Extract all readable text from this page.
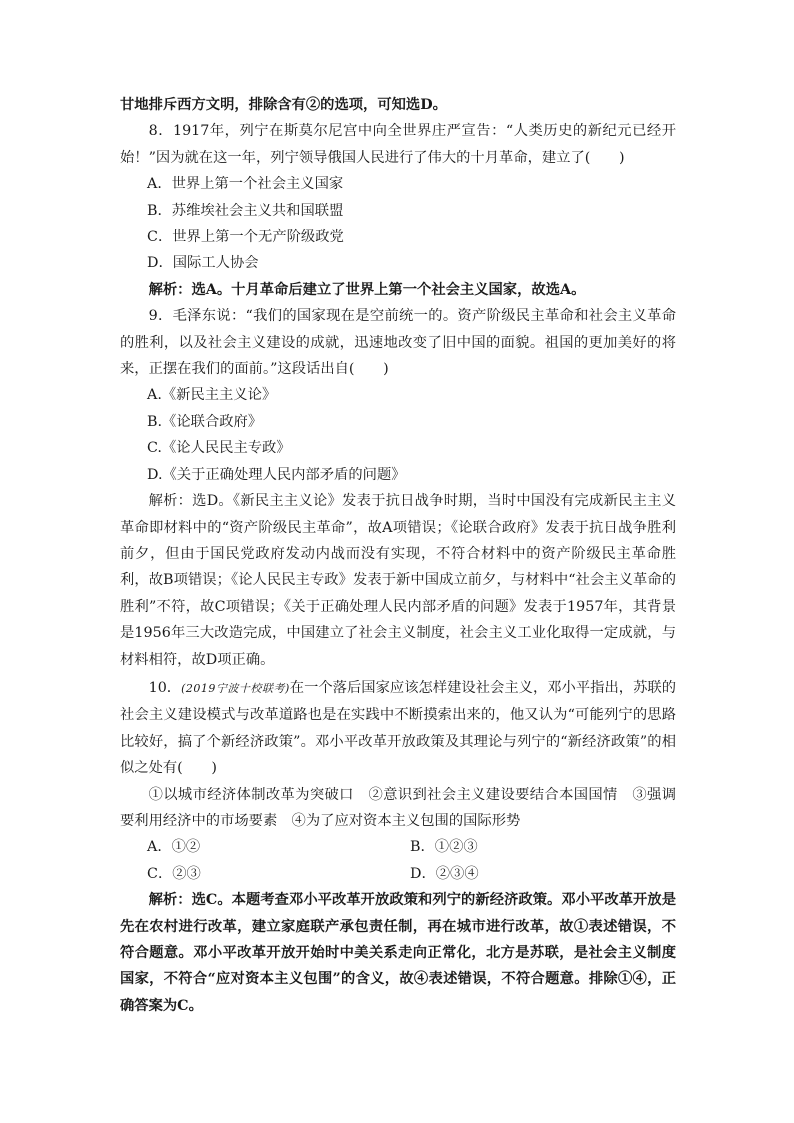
甘地排斥西方文明，排除含有②的选项，可知选D。

8．1917年，列宁在斯莫尔尼宫中向全世界庄严宣告：“人类历史的新纪元已经开始！”因为就在这一年，列宁领导俄国人民进行了伟大的十月革命，建立了(　　)

A．世界上第一个社会主义国家

B．苏维埃社会主义共和国联盟

C．世界上第一个无产阶级政党

D．国际工人协会

解析：选A。十月革命后建立了世界上第一个社会主义国家，故选A。

9．毛泽东说：“我们的国家现在是空前统一的。资产阶级民主革命和社会主义革命的胜利，以及社会主义建设的成就，迅速地改变了旧中国的面貌。祖国的更加美好的将来，正摆在我们的面前。”这段话出自(　　)

A.《新民主主义论》

B.《论联合政府》

C.《论人民民主专政》

D.《关于正确处理人民内部矛盾的问题》

解析：选D。《新民主主义论》发表于抗日战争时期，当时中国没有完成新民主主义革命即材料中的“资产阶级民主革命”，故A项错误；《论联合政府》发表于抗日战争胜利前夕，但由于国民党政府发动内战而没有实现，不符合材料中的资产阶级民主革命胜利，故B项错误；《论人民民主专政》发表于新中国成立前夕，与材料中“社会主义革命的胜利”不符，故C项错误；《关于正确处理人民内部矛盾的问题》发表于1957年，其背景是1956年三大改造完成，中国建立了社会主义制度，社会主义工业化取得一定成就，与材料相符，故D项正确。

10．(2019宁波十校联考)在一个落后国家应该怎样建设社会主义，邓小平指出，苏联的社会主义建设模式与改革道路也是在实践中不断摸索出来的，他又认为“可能列宁的思路比较好，搞了个新经济政策”。邓小平改革开放政策及其理论与列宁的“新经济政策”的相似之处有(　　)

①以城市经济体制改革为突破口　②意识到社会主义建设要结合本国国情　③强调要利用经济中的市场要素　④为了应对资本主义包围的国际形势

A．①②	B．①②③
C．②③	D．②③④

解析：选C。本题考查邓小平改革开放政策和列宁的新经济政策。邓小平改革开放是先在农村进行改革，建立家庭联产承包责任制，再在城市进行改革，故①表述错误，不符合题意。邓小平改革开放开始时中美关系走向正常化，北方是苏联，是社会主义制度国家，不符合“应对资本主义包围”的含义，故④表述错误，不符合题意。排除①④，正确答案为C。
